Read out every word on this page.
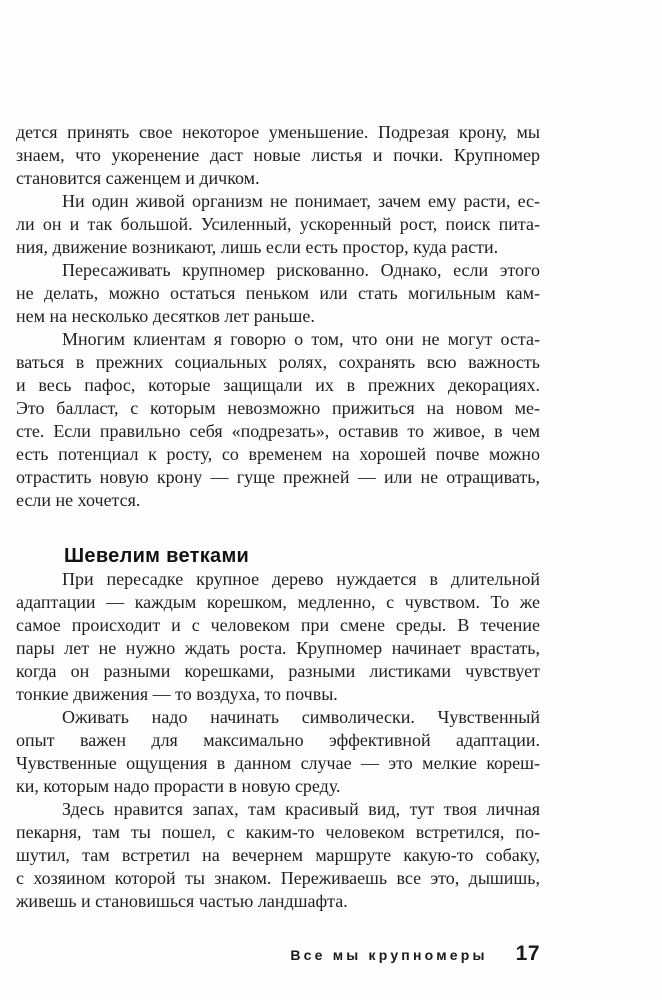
дется принять свое некоторое уменьшение. Подрезая крону, мы
знаем, что укоренение даст новые листья и почки. Крупномер
становится саженцем и дичком.

Ни один живой организм не понимает, зачем ему расти, ес-
ли он и так большой. Усиленный, ускоренный рост, поиск пита-
ния, движение возникают, лишь если есть простор, куда расти.

Пересаживать крупномер рискованно. Однако, если этого
не делать, можно остаться пеньком или стать могильным кам-
нем на несколько десятков лет раньше.

Многим клиентам я говорю о том, что они не могут оста-
ваться в прежних социальных ролях, сохранять всю важность
и весь пафос, которые защищали их в прежних декорациях.
Это балласт, с которым невозможно прижиться на новом ме-
сте. Если правильно себя «подрезать», оставив то живое, в чем
есть потенциал к росту, со временем на хорошей почве можно
отрастить новую крону — гуще прежней — или не отращивать,
если не хочется.

Шевелим ветками

При пересадке крупное дерево нуждается в длительной
адаптации — каждым корешком, медленно, с чувством. То же
самое происходит и с человеком при смене среды. В течение
пары лет не нужно ждать роста. Крупномер начинает врастать,
когда он разными корешками, разными листиками чувствует
тонкие движения — то воздуха, то почвы.

Оживать надо начинать символически. Чувственный
опыт важен для максимально эффективной адаптации.
Чувственные ощущения в данном случае — это мелкие кореш-
ки, которым надо прорасти в новую среду.

Здесь нравится запах, там красивый вид, тут твоя личная
пекарня, там ты пошел, с каким-то человеком встретился, по-
шутил, там встретил на вечернем маршруте какую-то собаку,
с хозяином которой ты знаком. Переживаешь все это, дышишь,
живешь и становишься частью ландшафта.

Все мы крупномеры 17
